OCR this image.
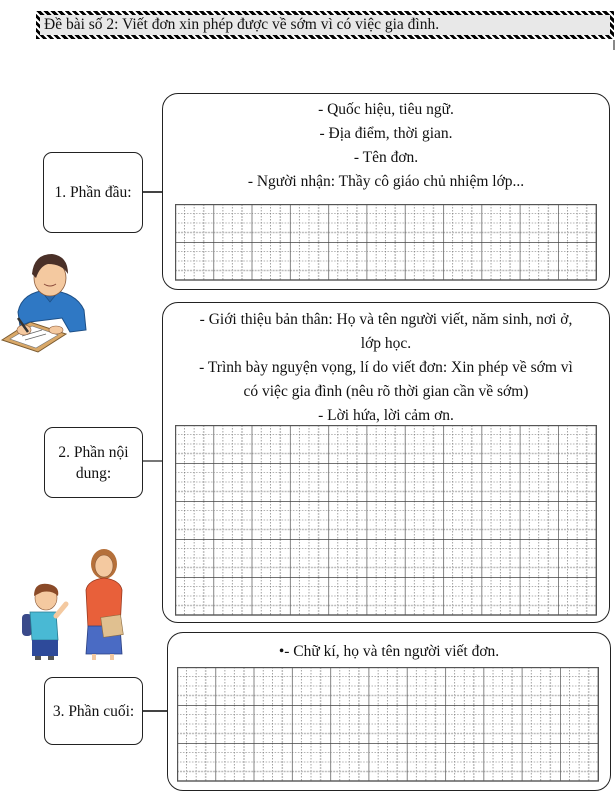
Đề bài số 2: Viết đơn xin phép được về sớm vì có việc gia đình.
1. Phần đầu:
- Quốc hiệu, tiêu ngữ.
- Địa điểm, thời gian.
- Tên đơn.
- Người nhận: Thầy cô giáo chủ nhiệm lớp...
2. Phần nội
dung:
- Giới thiệu bản thân: Họ và tên người viết, năm sinh, nơi ở,
lớp học.
- Trình bày nguyện vọng, lí do viết đơn: Xin phép về sớm vì
có việc gia đình (nêu rõ thời gian cần về sớm)
- Lời hứa, lời cảm ơn.
3. Phần cuối:
•- Chữ kí, họ và tên người viết đơn.
